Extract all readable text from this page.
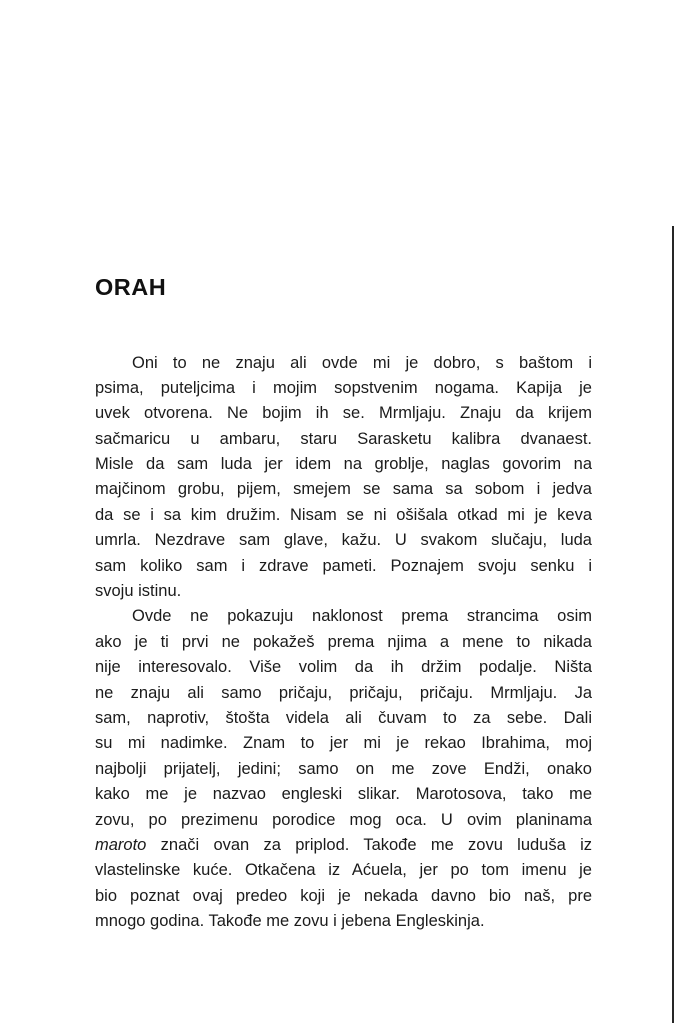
ORAH
Oni to ne znaju ali ovde mi je dobro, s baštom i
psima, puteljcima i mojim sopstvenim nogama. Kapija je
uvek otvorena. Ne bojim ih se. Mrmljaju. Znaju da krijem
sačmaricu u ambaru, staru Sarasketu kalibra dvanaest.
Misle da sam luda jer idem na groblje, naglas govorim na
majčinom grobu, pijem, smejem se sama sa sobom i jedva
da se i sa kim družim. Nisam se ni ošišala otkad mi je keva
umrla. Nezdrave sam glave, kažu. U svakom slučaju, luda
sam koliko sam i zdrave pameti. Poznajem svoju senku i
svoju istinu.
Ovde ne pokazuju naklonost prema strancima osim
ako je ti prvi ne pokažeš prema njima a mene to nikada
nije interesovalo. Više volim da ih držim podalje. Ništa
ne znaju ali samo pričaju, pričaju, pričaju. Mrmljaju. Ja
sam, naprotiv, štošta videla ali čuvam to za sebe. Dali
su mi nadimke. Znam to jer mi je rekao Ibrahima, moj
najbolji prijatelj, jedini; samo on me zove Endži, onako
kako me je nazvao engleski slikar. Marotosova, tako me
zovu, po prezimenu porodice mog oca. U ovim planinama
maroto znači ovan za priplod. Takođe me zovu luduša iz
vlastelinske kuće. Otkačena iz Aćuela, jer po tom imenu je
bio poznat ovaj predeo koji je nekada davno bio naš, pre
mnogo godina. Takođe me zovu i jebena Engleskinja.
